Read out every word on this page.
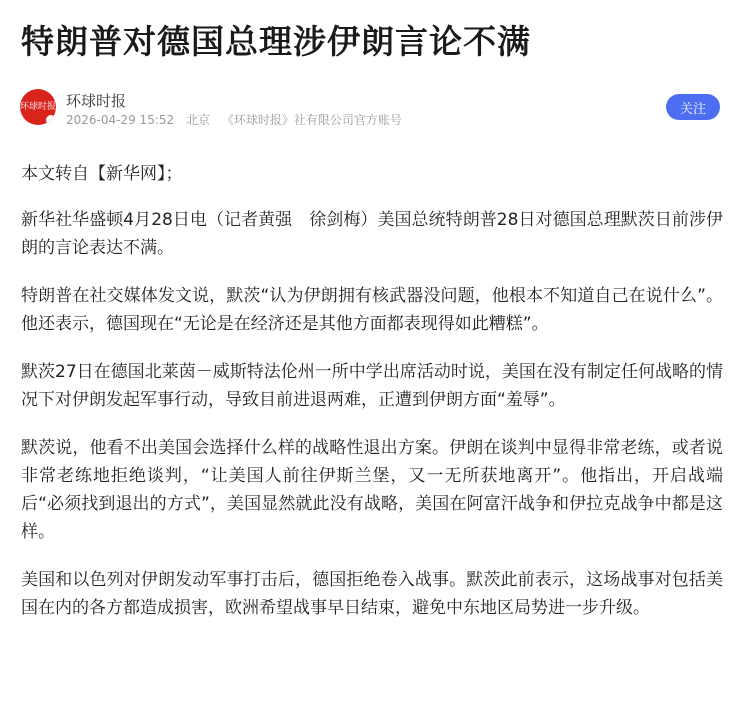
特朗普对德国总理涉伊朗言论不满
环球时报 环球时报
2026-04-29 15:52 北京 《环球时报》社有限公司官方账号
关注

本文转自【新华网】；

新华社华盛顿4月28日电（记者黄强　徐剑梅）美国总统特朗普28日对德国总理默茨日前涉伊朗的言论表达不满。

特朗普在社交媒体发文说，默茨“认为伊朗拥有核武器没问题，他根本不知道自己在说什么”。他还表示，德国现在“无论是在经济还是其他方面都表现得如此糟糕”。

默茨27日在德国北莱茵－威斯特法伦州一所中学出席活动时说，美国在没有制定任何战略的情况下对伊朗发起军事行动，导致目前进退两难，正遭到伊朗方面“羞辱”。

默茨说，他看不出美国会选择什么样的战略性退出方案。伊朗在谈判中显得非常老练，或者说非常老练地拒绝谈判，“让美国人前往伊斯兰堡，又一无所获地离开”。他指出，开启战端后“必须找到退出的方式”，美国显然就此没有战略，美国在阿富汗战争和伊拉克战争中都是这样。

美国和以色列对伊朗发动军事打击后，德国拒绝卷入战事。默茨此前表示，这场战事对包括美国在内的各方都造成损害，欧洲希望战事早日结束，避免中东地区局势进一步升级。
